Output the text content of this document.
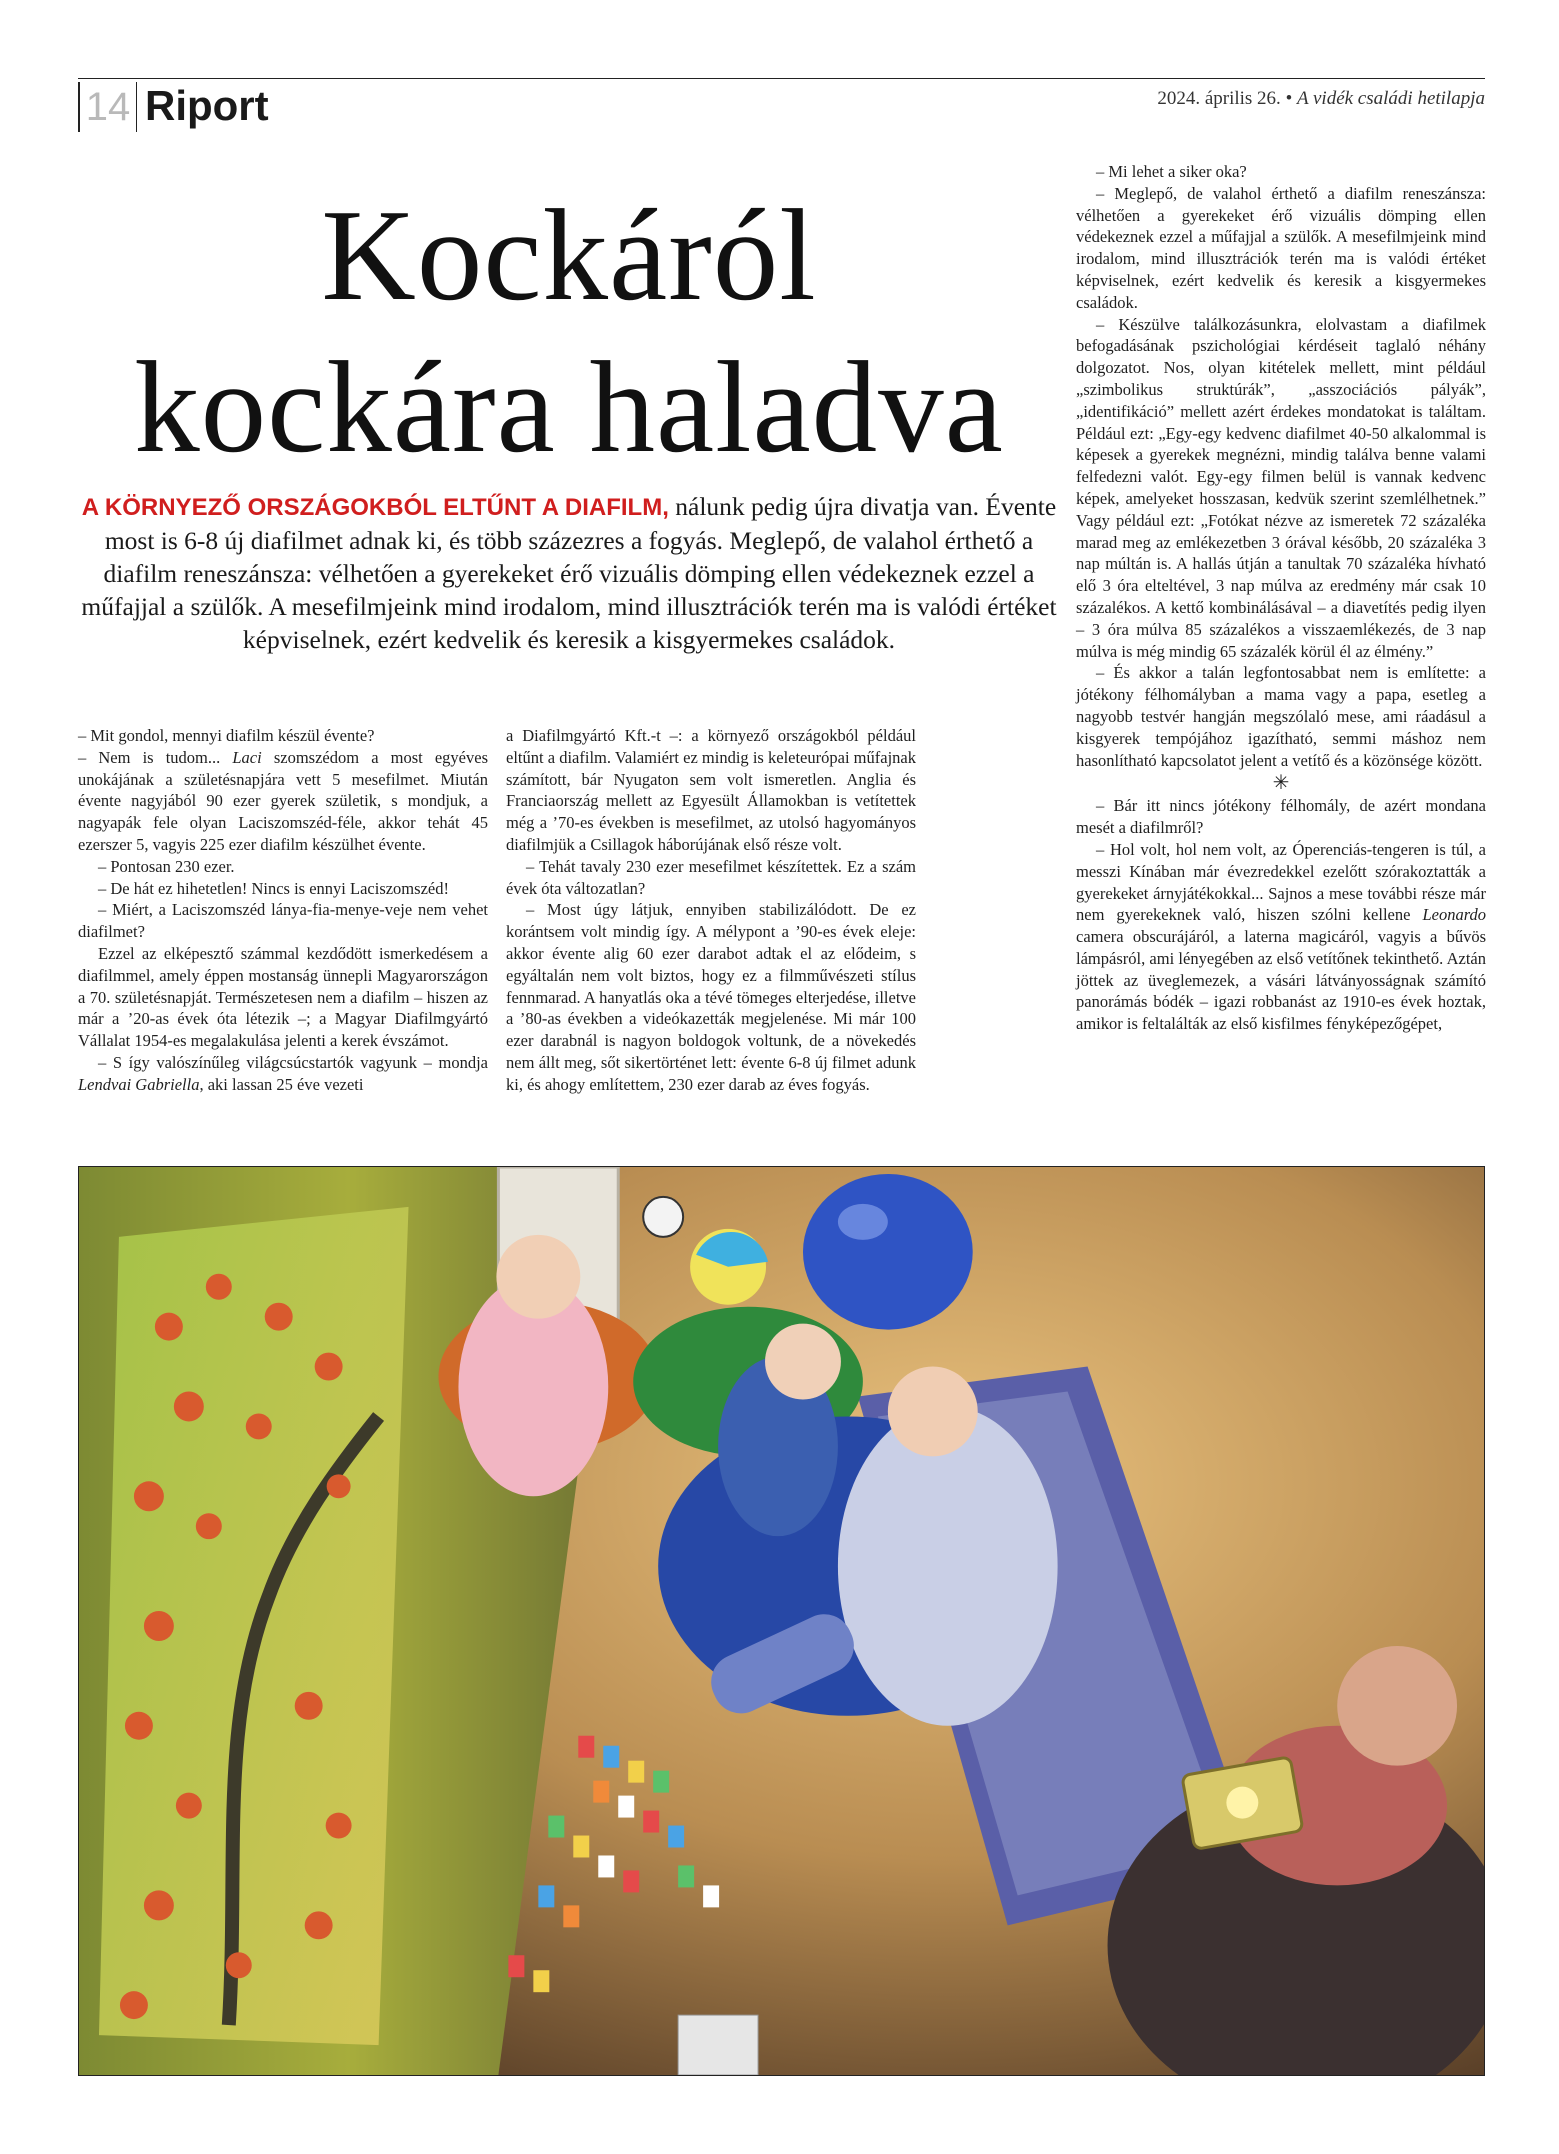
14 Riport	2024. április 26. • A vidék családi hetilapja
Kockáról
kockára haladva

A KÖRNYEZŐ ORSZÁGOKBÓL ELTŰNT A DIAFILM, nálunk pedig újra divatja van. Évente most is 6-8 új diafilmet adnak ki, és több százezres a fogyás. Meglepő, de valahol érthető a diafilm reneszánsza: vélhetően a gyerekeket érő vizuális dömping ellen védekeznek ezzel a műfajjal a szülők. A mesefilmjeink mind irodalom, mind illusztrációk terén ma is valódi értéket képviselnek, ezért kedvelik és keresik a kisgyermekes családok.

– Mit gondol, mennyi diafilm készül évente?

– Nem is tudom... Laci szomszédom a most egyéves unokájának a születésnapjára vett 5 mesefilmet. Miután évente nagyjából 90 ezer gyerek születik, s mondjuk, a nagyapák fele olyan Laciszomszéd-féle, akkor tehát 45 ezerszer 5, vagyis 225 ezer diafilm készülhet évente.

– Pontosan 230 ezer.

– De hát ez hihetetlen! Nincs is ennyi Laciszomszéd!

– Miért, a Laciszomszéd lánya-fia-menye-veje nem vehet diafilmet?

Ezzel az elképesztő számmal kezdődött ismerkedésem a diafilmmel, amely éppen mostanság ünnepli Magyarországon a 70. születésnapját. Természetesen nem a diafilm – hiszen az már a ’20-as évek óta létezik –; a Magyar Diafilmgyártó Vállalat 1954-es megalakulása jelenti a kerek évszámot.

– S így valószínűleg világcsúcstartók vagyunk – mondja Lendvai Gabriella, aki lassan 25 éve vezeti

a Diafilmgyártó Kft.-t –: a környező országokból például eltűnt a diafilm. Valamiért ez mindig is keleteurópai műfajnak számított, bár Nyugaton sem volt ismeretlen. Anglia és Franciaország mellett az Egyesült Államokban is vetítettek még a ’70-es években is mesefilmet, az utolsó hagyományos diafilmjük a Csillagok háborújának első része volt.

– Tehát tavaly 230 ezer mesefilmet készítettek. Ez a szám évek óta változatlan?

– Most úgy látjuk, ennyiben stabilizálódott. De ez korántsem volt mindig így. A mélypont a ’90-es évek eleje: akkor évente alig 60 ezer darabot adtak el az elődeim, s egyáltalán nem volt biztos, hogy ez a filmművészeti stílus fennmarad. A hanyatlás oka a tévé tömeges elterjedése, illetve a ’80-as években a videókazetták megjelenése. Mi már 100 ezer darabnál is nagyon boldogok voltunk, de a növekedés nem állt meg, sőt sikertörténet lett: évente 6-8 új filmet adunk ki, és ahogy említettem, 230 ezer darab az éves fogyás.

– Mi lehet a siker oka?

– Meglepő, de valahol érthető a diafilm reneszánsza: vélhetően a gyerekeket érő vizuális dömping ellen védekeznek ezzel a műfajjal a szülők. A mesefilmjeink mind irodalom, mind illusztrációk terén ma is valódi értéket képviselnek, ezért kedvelik és keresik a kisgyermekes családok.

– Készülve találkozásunkra, elolvastam a diafilmek befogadásának pszichológiai kérdéseit taglaló néhány dolgozatot. Nos, olyan kitételek mellett, mint például „szimbolikus struktúrák”, „asszociációs pályák”, „identifikáció” mellett azért érdekes mondatokat is találtam. Például ezt: „Egy-egy kedvenc diafilmet 40-50 alkalommal is képesek a gyerekek megnézni, mindig találva benne valami felfedezni valót. Egy-egy filmen belül is vannak kedvenc képek, amelyeket hosszasan, kedvük szerint szemlélhetnek.” Vagy például ezt: „Fotókat nézve az ismeretek 72 százaléka marad meg az emlékezetben 3 órával később, 20 százaléka 3 nap múltán is. A hallás útján a tanultak 70 százaléka hívható elő 3 óra elteltével, 3 nap múlva az eredmény már csak 10 százalékos. A kettő kombinálásával – a diavetítés pedig ilyen – 3 óra múlva 85 százalékos a visszaemlékezés, de 3 nap múlva is még mindig 65 százalék körül él az élmény.”

– És akkor a talán legfontosabbat nem is említette: a jótékony félhomályban a mama vagy a papa, esetleg a nagyobb testvér hangján megszólaló mese, ami ráadásul a kisgyerek tempójához igazítható, semmi máshoz nem hasonlítható kapcsolatot jelent a vetítő és a közönsége között.

✳

– Bár itt nincs jótékony félhomály, de azért mondana mesét a diafilmről?

– Hol volt, hol nem volt, az Óperenciás-tengeren is túl, a messzi Kínában már évezredekkel ezelőtt szórakoztatták a gyerekeket árnyjátékokkal... Sajnos a mese további része már nem gyerekeknek való, hiszen szólni kellene Leonardo camera obscurájáról, a laterna magicáról, vagyis a bűvös lámpásról, ami lényegében az első vetítőnek tekinthető. Aztán jöttek az üveglemezek, a vásári látványosságnak számító panorámás bódék – igazi robbanást az 1910-es évek hoztak, amikor is feltalálták az első kisfilmes fényképezőgépet,
